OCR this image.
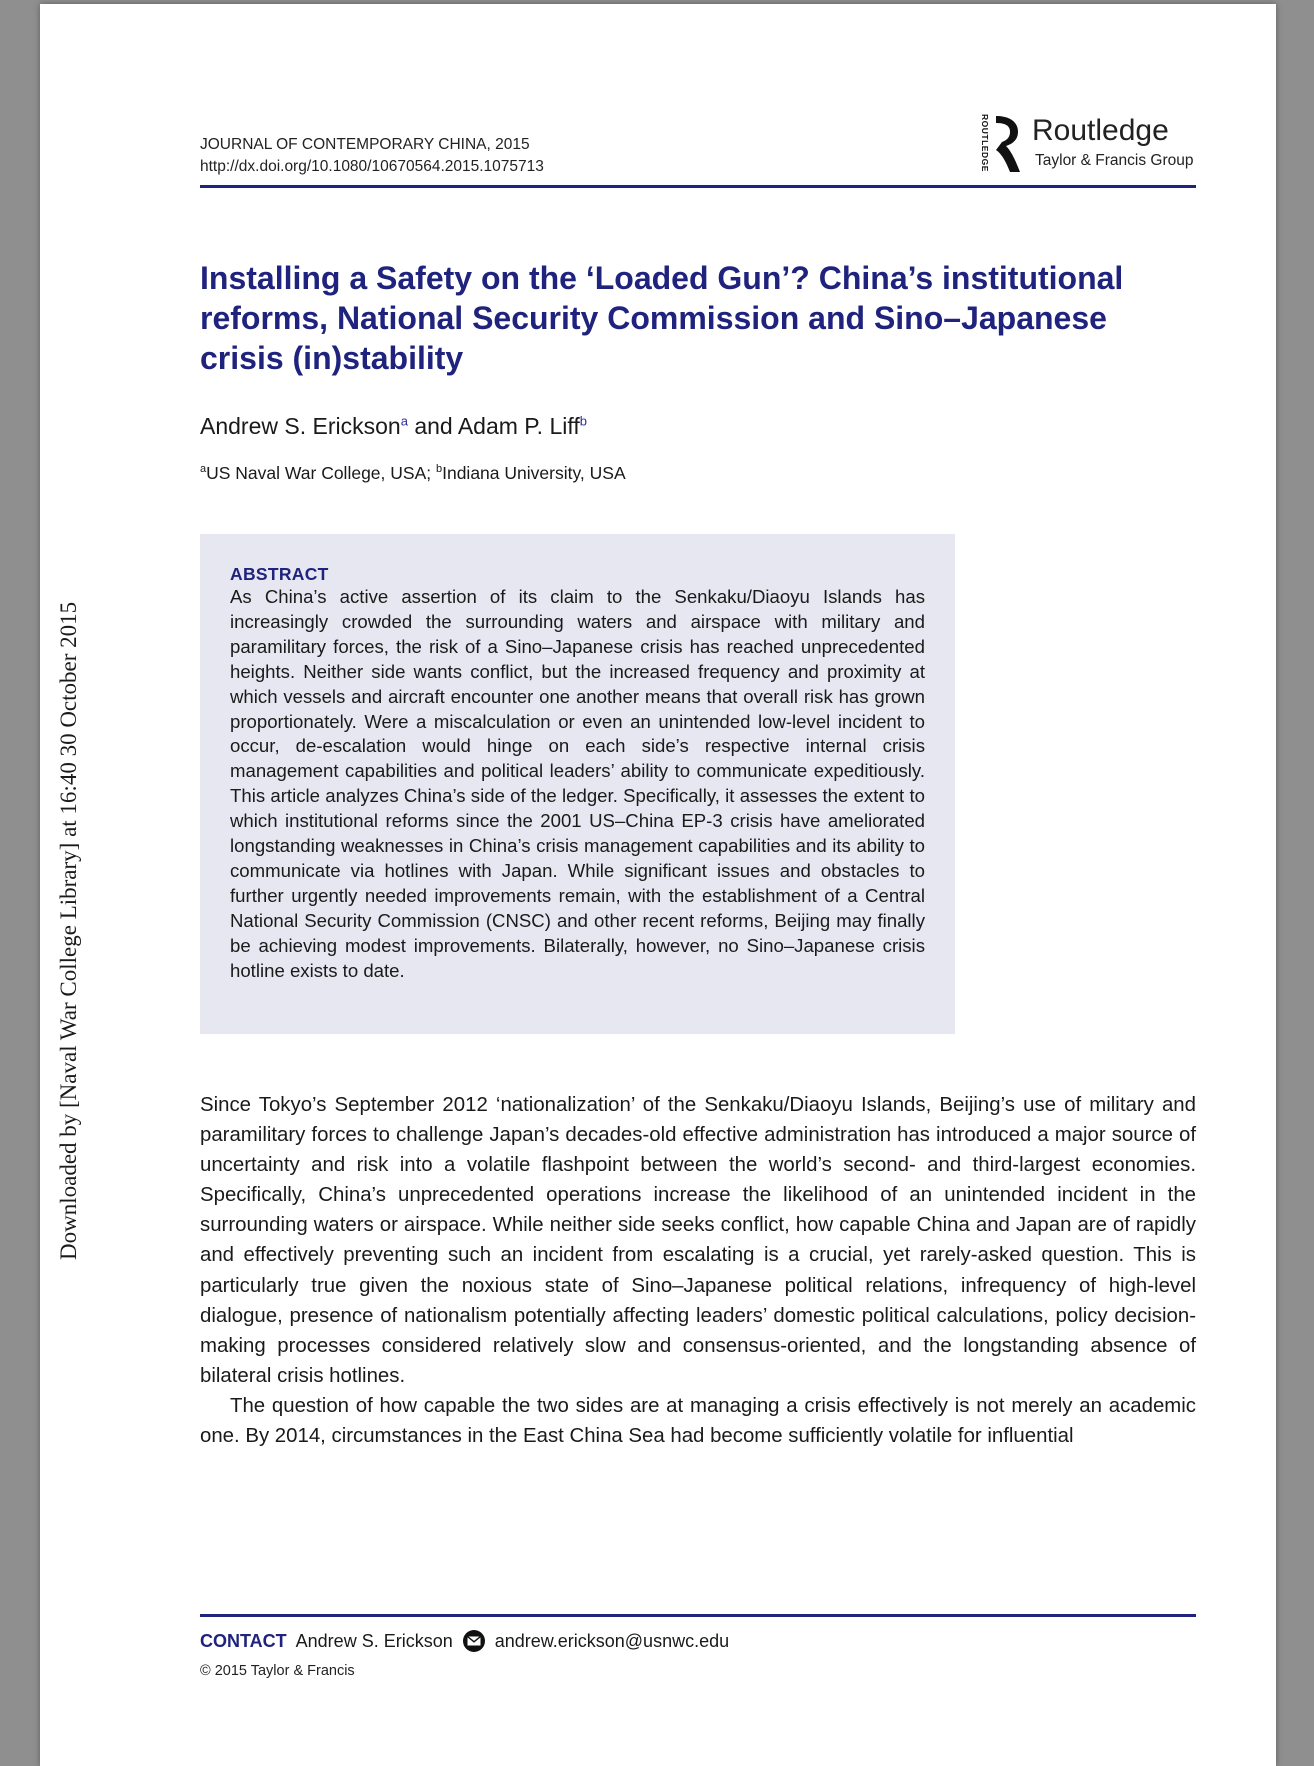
JOURNAL OF CONTEMPORARY CHINA, 2015
http://dx.doi.org/10.1080/10670564.2015.1075713	ROUTLEDGE Routledge
Taylor & Francis Group
Installing a Safety on the ‘Loaded Gun’? China’s institutional reforms, National Security Commission and Sino–Japanese crisis (in)stability
Andrew S. Erickson$^a$ and Adam P. Liff$^b$
$^a$US Naval War College, USA; $^b$Indiana University, USA
ABSTRACT

As China’s active assertion of its claim to the Senkaku/Diaoyu Islands has increasingly crowded the surrounding waters and airspace with military and paramilitary forces, the risk of a Sino–Japanese crisis has reached unprecedented heights. Neither side wants conflict, but the increased frequency and proximity at which vessels and aircraft encounter one another means that overall risk has grown proportionately. Were a miscalculation or even an unintended low-level incident to occur, de-escalation would hinge on each side’s respective internal crisis management capabilities and political leaders’ ability to communicate expeditiously. This article analyzes China’s side of the ledger. Specifically, it assesses the extent to which institutional reforms since the 2001 US–China EP-3 crisis have ameliorated longstanding weaknesses in China’s crisis management capabilities and its ability to communicate via hotlines with Japan. While significant issues and obstacles to further urgently needed improvements remain, with the establishment of a Central National Security Commission (CNSC) and other recent reforms, Beijing may finally be achieving modest improvements. Bilaterally, however, no Sino–Japanese crisis hotline exists to date.

Since Tokyo’s September 2012 ‘nationalization’ of the Senkaku/Diaoyu Islands, Beijing’s use of military and paramilitary forces to challenge Japan’s decades-old effective administration has introduced a major source of uncertainty and risk into a volatile flashpoint between the world’s second- and third-largest economies. Specifically, China’s unprecedented operations increase the likelihood of an unintended incident in the surrounding waters or airspace. While neither side seeks conflict, how capable China and Japan are of rapidly and effectively preventing such an incident from escalating is a crucial, yet rarely-asked question. This is particularly true given the noxious state of Sino–Japanese political relations, infrequency of high-level dialogue, presence of nationalism potentially affecting leaders’ domestic political calculations, policy decision-making processes considered relatively slow and consensus-oriented, and the longstanding absence of bilateral crisis hotlines.

The question of how capable the two sides are at managing a crisis effectively is not merely an academic one. By 2014, circumstances in the East China Sea had become sufficiently volatile for influential

CONTACT Andrew S. Erickson andrew.erickson@usnwc.edu
© 2015 Taylor & Francis
Downloaded by [Naval War College Library] at 16:40 30 October 2015
